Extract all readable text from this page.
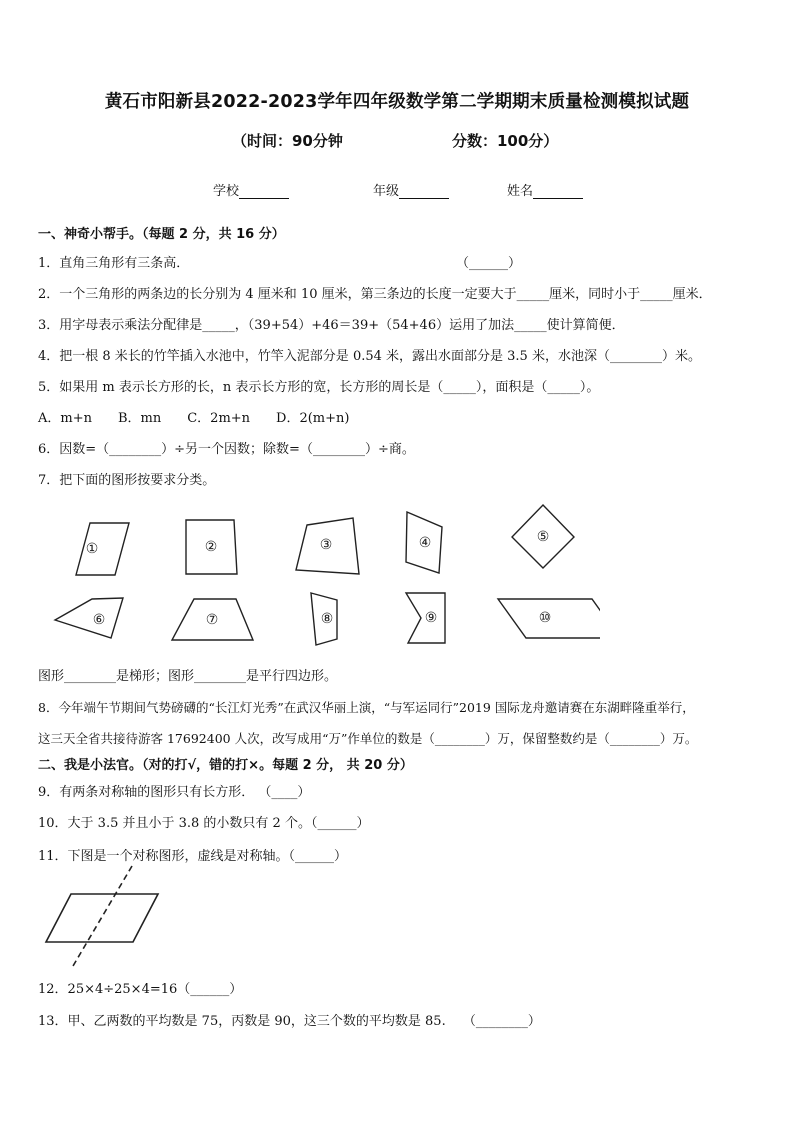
黄石市阳新县2022-2023学年四年级数学第二学期期末质量检测模拟试题
（时间：90分钟	分数：100分）
学校	年级	姓名
一、神奇小帮手。（每题 2 分，共 16 分）
1．直角三角形有三条高．	（______）
2．一个三角形的两条边的长分别为 4 厘米和 10 厘米，第三条边的长度一定要大于_____厘米，同时小于_____厘米．
3．用字母表示乘法分配律是_____，（39+54）+46＝39+（54+46）运用了加法_____使计算简便．
4．把一根 8 米长的竹竿插入水池中，竹竿入泥部分是 0.54 米，露出水面部分是 3.5 米，水池深（________）米。
5．如果用 m 表示长方形的长，n 表示长方形的宽，长方形的周长是（_____），面积是（_____）。
A．m+n　　B．mn　　C．2m+n　　D．2(m+n)
6．因数=（________）÷另一个因数；除数=（________）÷商。
7．把下面的图形按要求分类。
①	②	③	④	⑤
⑥	⑦	⑧	⑨	⑩
图形________是梯形；图形________是平行四边形。
8．今年端午节期间气势磅礴的“长江灯光秀”在武汉华丽上演，“与军运同行”2019 国际龙舟邀请赛在东湖畔隆重举行，
这三天全省共接待游客 17692400 人次，改写成用“万”作单位的数是（________）万，保留整数约是（________）万。
二、我是小法官。（对的打√，错的打×。每题 2 分， 共 20 分）
9．有两条对称轴的图形只有长方形． （____）
10．大于 3.5 并且小于 3.8 的小数只有 2 个。（______）
11．下图是一个对称图形，虚线是对称轴。（______）
12．25×4÷25×4=16（______）
13．甲、乙两数的平均数是 75，丙数是 90，这三个数的平均数是 85.　 （________）
